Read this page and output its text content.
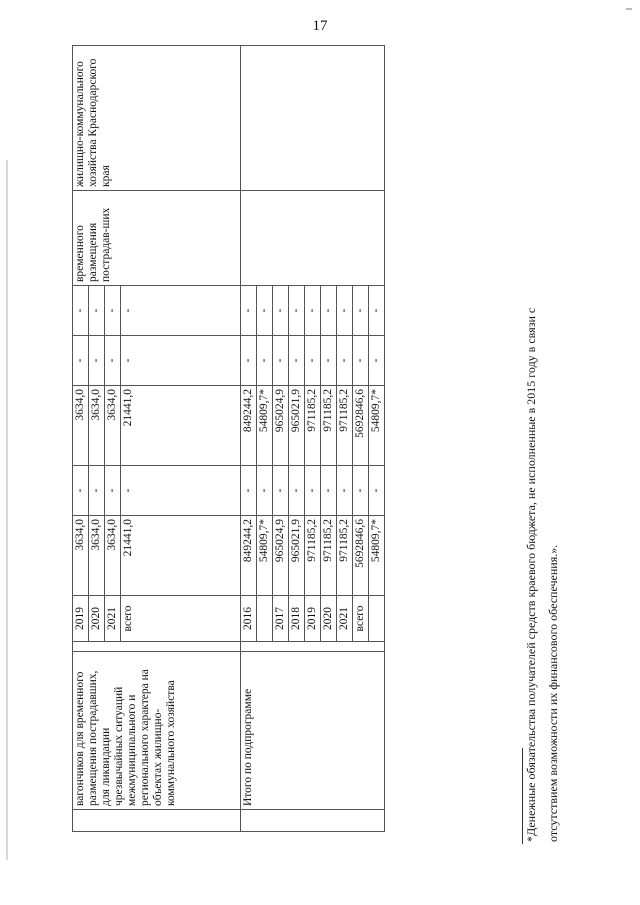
17
	вагончиков для временного размещения пострадавших, для ликвидации чрезвычайных ситуаций межмуниципального и регионального характера на объектах жилищно-коммунального хозяйства		2019	3634,0	-	3634,0	-	-	временного размещения пострадав-ших	жилищно-коммунального хозяйства Краснодарского края
			2020	3634,0	-	3634,0	-	-		
			2021	3634,0	-	3634,0	-	-		
			всего	21441,0	-	21441,0	-	-		
	Итого по подпрограмме		2016	849244,2	-	849244,2	-	-		
				54809,7*	-	54809,7*	-	-		
			2017	965024,9	-	965024,9	-	-		
			2018	965021,9	-	965021,9	-	-		
			2019	971185,2	-	971185,2	-	-		
			2020	971185,2	-	971185,2	-	-		
			2021	971185,2	-	971185,2	-	-		
			всего	5692846,6	-	5692846,6	-	-		
				54809,7*	-	54809,7*	-	-			*Денежные обязательства получателей средств краевого бюджета, не исполненные в 2015 году в связи с отсутствием возможности их финансового обеспечения.».
